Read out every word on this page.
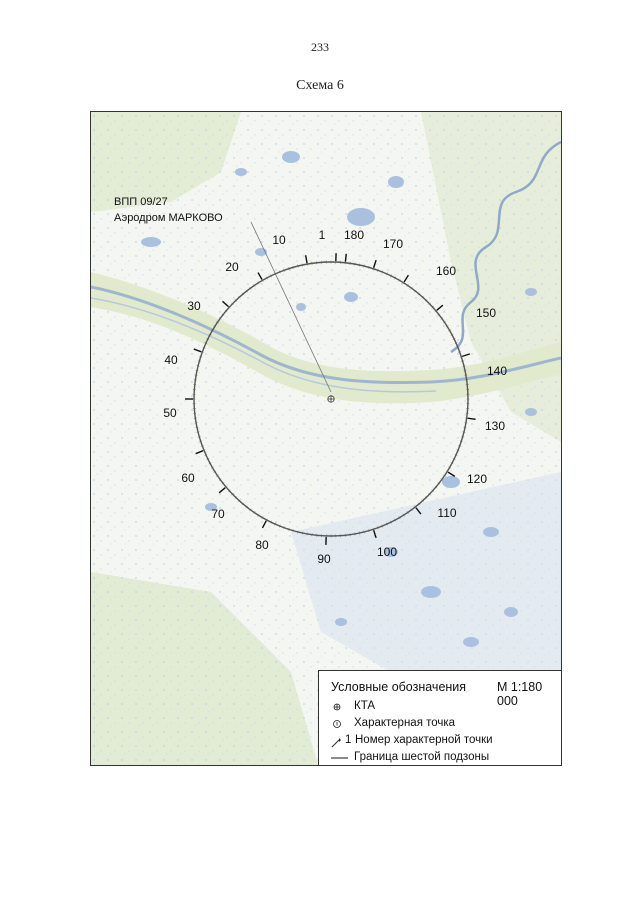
233
Схема 6
ВПП 09/27
Аэродром МАРКОВО
1
10
20
30
40
50
60
70
80
90	100
110
120
130
140
150
160
170
180
Условные обозначения М 1:180 000
КТА
Характерная точка
1 Номер характерной точки
Граница шестой подзоны
